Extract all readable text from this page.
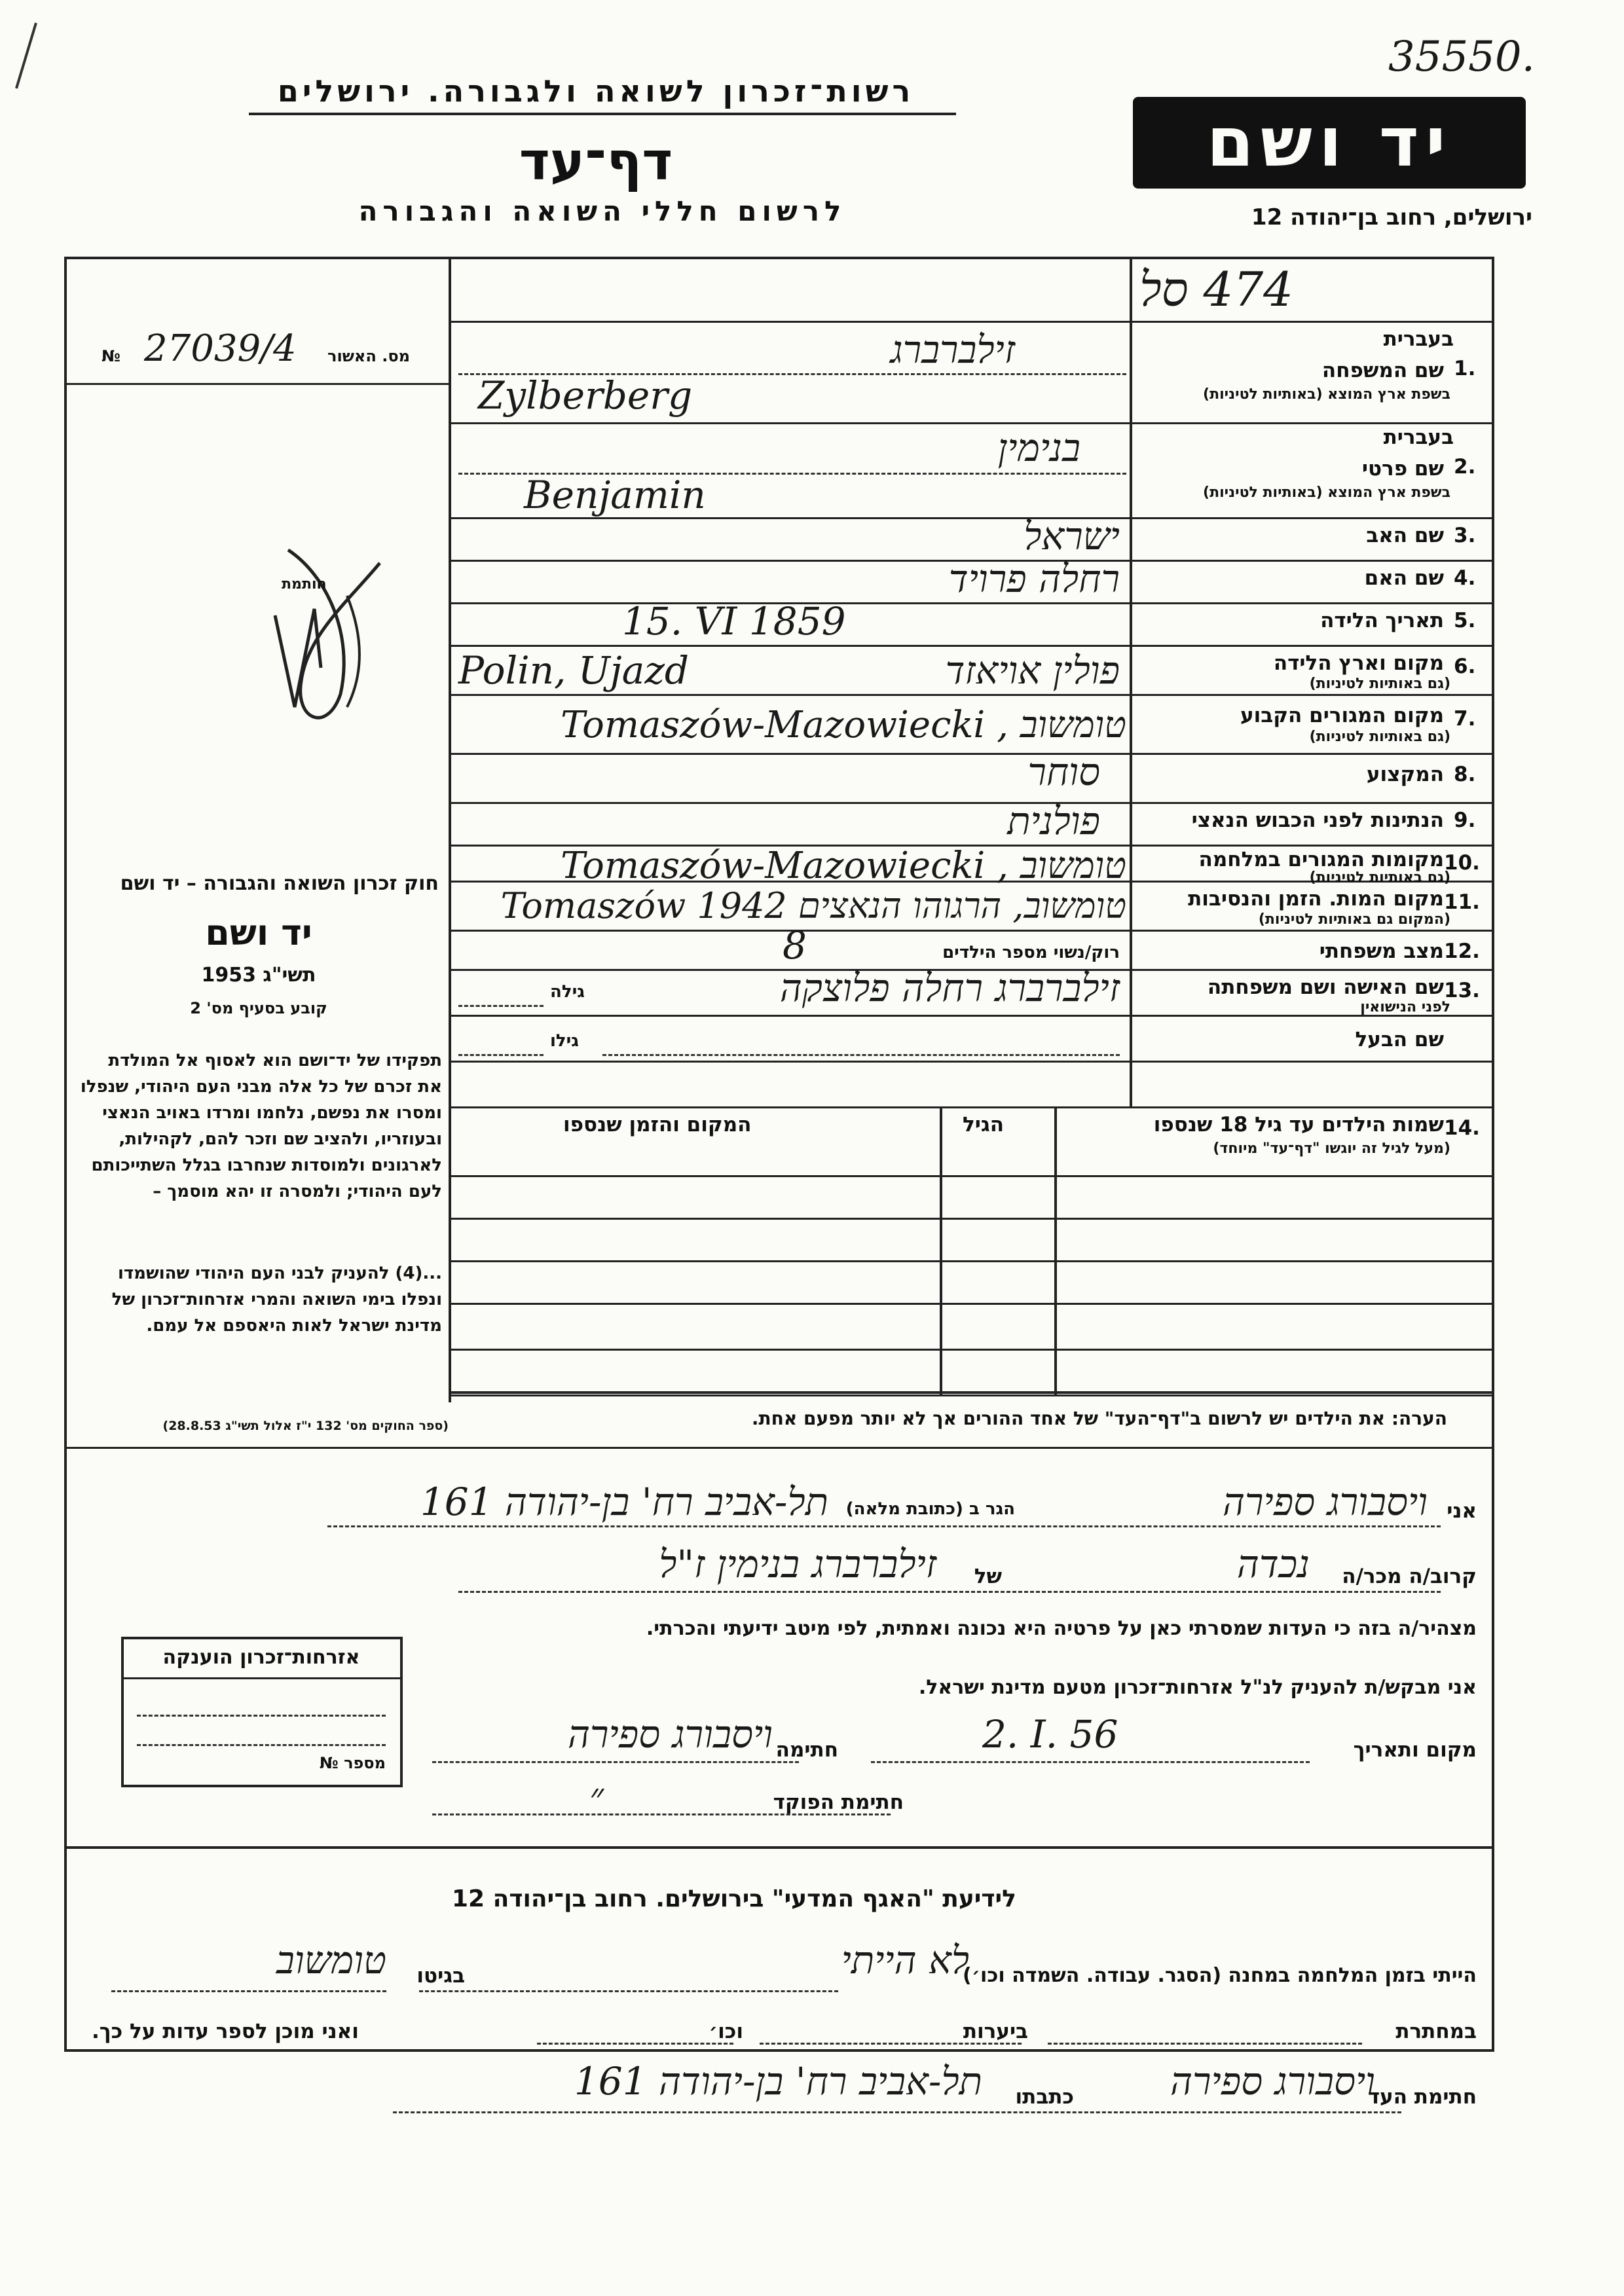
35550.
רשות־זכרון לשואה ולגבורה. ירושלים
דף־עד
לרשום חללי השואה והגבורה
יד ושם
ירושלים, רחוב בן־יהודה 12
מס. האשור
№ 27039/4
חותמת
474 סל
1.
בעברית
שם המשפחה
בשפת ארץ המוצא (באותיות לטיניות)
זילברברג
Zylberberg
2.
בעברית
שם פרטי
בשפת ארץ המוצא (באותיות לטיניות)
בנימין
Benjamin
3.
שם האב
ישראל
4.
שם האם
רחלה פרויד
5.
תאריך הלידה
15. VI 1859
6.
מקום וארץ הלידה
(גם באותיות לטיניות)
פולין אויאזד
Polin, Ujazd
7.
מקום המגורים הקבוע
(גם באותיות לטיניות)
טומשוב , Tomaszów-Mazowiecki
8.
המקצוע
סוחר
9.
הנתינות לפני הכבוש הנאצי
פולנית
10.
מקומות המגורים במלחמה
(גם באותיות לטיניות)
טומשוב , Tomaszów-Mazowiecki
11.
מקום המות. הזמן והנסיבות
(המקום גם באותיות לטיניות)
טומשוב, הרגוהו הנאצים Tomaszów 1942
12.
מצב משפחתי
רוק/נשוי מספר הילדים
8
13.
שם האישה ושם משפחתה
לפני הנישואין
זילברברג רחלה פלוצקה
גילה
שם הבעל
גילו
14.
שמות הילדים עד גיל 18 שנספו
(מעל לגיל זה יוגשו "דף־עד" מיוחד)
הגיל
המקום והזמן שנספו
חוק זכרון השואה והגבורה – יד ושם
יד ושם
תשי"ג 1953
קובע בסעיף מס' 2
תפקידו של יד־ושם הוא לאסוף אל המולדת את זכרם של כל אלה מבני העם היהודי, שנפלו ומסרו את נפשם, נלחמו ומרדו באויב הנאצי ובעוזריו, ולהציב שם וזכר להם, לקהילות, לארגונים ולמוסדות שנחרבו בגלל השתייכותם לעם היהודי; ולמסרה זו יהא מוסמך –
...(4) להעניק לבני העם היהודי שהושמדו ונפלו בימי השואה והמרי אזרחות־זכרון של מדינת ישראל לאות היאספם אל עמם.
(ספר החוקים מס' 132 י"ז אלול תשי"ג 28.8.53)	הערה: את הילדים יש לרשום ב"דף־העד" של אחד ההורים אך לא יותר מפעם אחת.
אני
ויסבורג ספירה
הגר ב (כתובת מלאה)
תל-אביב רח' בן-יהודה 161
קרוב/ה מכר/ה
נכדה
של
זילברברג בנימין ז"ל
מצהיר/ה בזה כי העדות שמסרתי כאן על פרטיה היא נכונה ואמתית, לפי מיטב ידיעתי והכרתי.
אני מבקש/ת להעניק לנ"ל אזרחות־זכרון מטעם מדינת ישראל.
מקום ותאריך
2. I. 56
חתימה
ויסבורג ספירה
חתימת הפוקד
״
אזרחות־זכרון הוענקה
מספר №
לידיעת "האגף המדעי" בירושלים. רחוב בן־יהודה 12
הייתי בזמן המלחמה במחנה (הסגר. עבודה. השמדה וכו׳)
לא הייתי
בגיטו
טומשוב
במחתרת
ביערות
וכו׳
ואני מוכן לספר עדות על כך.
חתימת העד
ויסבורג ספירה
כתבתו
תל-אביב רח' בן-יהודה 161
